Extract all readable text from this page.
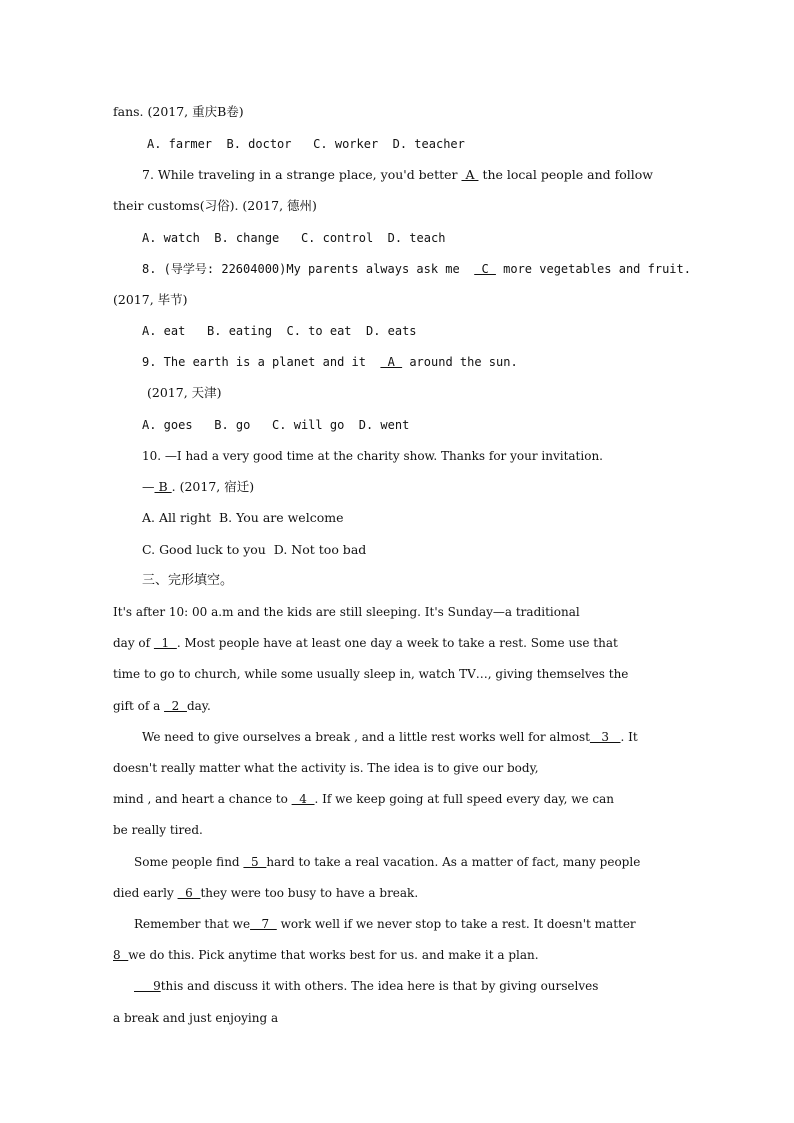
fans. (2017, 重庆B卷)
A. farmer  B. doctor   C. worker  D. teacher
7. While traveling in a strange place, you'd better  A  the local people and follow
their customs(习俗). (2017, 德州)
A. watch  B. change   C. control  D. teach
8. (导学号: 22604000)My parents always ask me   C  more vegetables and fruit.
(2017, 毕节)
A. eat   B. eating  C. to eat  D. eats
9. The earth is a planet and it   A  around the sun.
(2017, 天津)
A. goes   B. go   C. will go  D. went
10. —I had a very good time at the charity show. Thanks for your invitation.
— B . (2017, 宿迁)
A. All right  B. You are welcome
C. Good luck to you  D. Not too bad
三、完形填空。
It's after 10: 00 a.m and the kids are still sleeping. It's Sunday—a traditional
day of   1  . Most people have at least one day a week to take a rest. Some use that
time to go to church, while some usually sleep in, watch TV…, giving themselves the
gift of a   2  day.
We need to give ourselves a break , and a little rest works well for almost   3   . It
doesn't really matter what the activity is. The idea is to give our body,
mind , and heart a chance to   4  . If we keep going at full speed every day, we can
be really tired.
Some people find   5  hard to take a real vacation. As a matter of fact, many people
died early   6  they were too busy to have a break.
Remember that we   7   work well if we never stop to take a rest. It doesn't matter
8  we do this. Pick anytime that works best for us. and make it a plan.
9this and discuss it with others. The idea here is that by giving ourselves
a break and just enjoying a
